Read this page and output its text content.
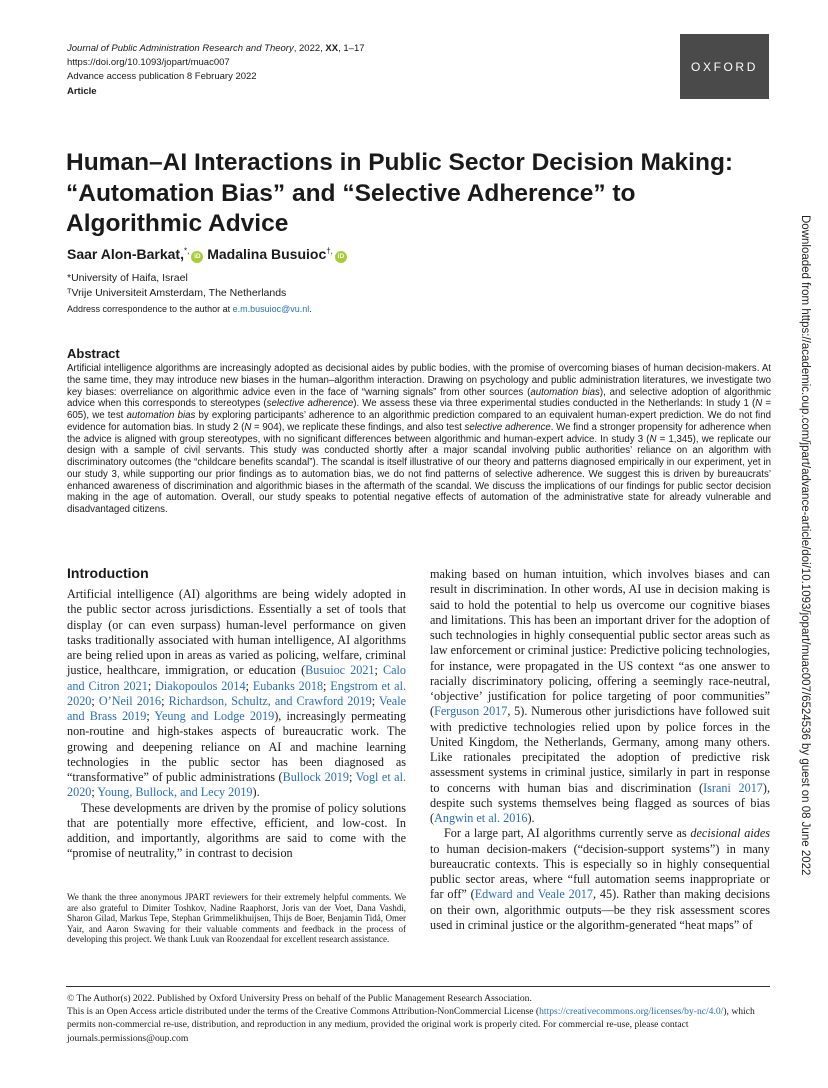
Journal of Public Administration Research and Theory, 2022, XX, 1–17
https://doi.org/10.1093/jopart/muac007
Advance access publication 8 February 2022
Article
OXFORD
Human–AI Interactions in Public Sector Decision Making: “Automation Bias” and “Selective Adherence” to Algorithmic Advice
Saar Alon-Barkat,*,iD Madalina Busuioc†,iD
*University of Haifa, Israel
ᵀVrije Universiteit Amsterdam, The Netherlands
Address correspondence to the author at e.m.busuioc@vu.nl.
Abstract
Artificial intelligence algorithms are increasingly adopted as decisional aides by public bodies, with the promise of overcoming biases of human decision-makers. At the same time, they may introduce new biases in the human–algorithm interaction. Drawing on psychology and public administration literatures, we investigate two key biases: overreliance on algorithmic advice even in the face of “warning signals” from other sources (automation bias), and selective adoption of algorithmic advice when this corresponds to stereotypes (selective adherence). We assess these via three experimental studies conducted in the Netherlands: In study 1 (N = 605), we test automation bias by exploring participants’ adherence to an algorithmic prediction compared to an equivalent human-expert prediction. We do not find evidence for automation bias. In study 2 (N = 904), we replicate these findings, and also test selective adherence. We find a stronger propensity for adherence when the advice is aligned with group stereotypes, with no significant differences between algorithmic and human-expert advice. In study 3 (N = 1,345), we replicate our design with a sample of civil servants. This study was conducted shortly after a major scandal involving public authorities’ reliance on an algorithm with discriminatory outcomes (the “childcare benefits scandal”). The scandal is itself illustrative of our theory and patterns diagnosed empirically in our experiment, yet in our study 3, while supporting our prior findings as to automation bias, we do not find patterns of selective adherence. We suggest this is driven by bureaucrats’ enhanced awareness of discrimination and algorithmic biases in the aftermath of the scandal. We discuss the implications of our findings for public sector decision making in the age of automation. Overall, our study speaks to potential negative effects of automation of the administrative state for already vulnerable and disadvantaged citizens.
Introduction

Artificial intelligence (AI) algorithms are being widely adopted in the public sector across jurisdictions. Essentially a set of tools that display (or can even surpass) human-level performance on given tasks traditionally associated with human intelligence, AI algorithms are being relied upon in areas as varied as policing, welfare, criminal justice, healthcare, immigration, or education (Busuioc 2021; Calo and Citron 2021; Diakopoulos 2014; Eubanks 2018; Engstrom et al. 2020; O’Neil 2016; Richardson, Schultz, and Crawford 2019; Veale and Brass 2019; Yeung and Lodge 2019), increasingly permeating non-routine and high-stakes aspects of bureaucratic work. The growing and deepening reliance on AI and machine learning technologies in the public sector has been diagnosed as “transformative” of public administrations (Bullock 2019; Vogl et al. 2020; Young, Bullock, and Lecy 2019).

These developments are driven by the promise of policy solutions that are potentially more effective, efficient, and low-cost. In addition, and importantly, algorithms are said to come with the “promise of neutrality,” in contrast to decision

We thank the three anonymous JPART reviewers for their extremely helpful comments. We are also grateful to Dimiter Toshkov, Nadine Raaphorst, Joris van der Voet, Dana Vashdi, Sharon Gilad, Markus Tepe, Stephan Grimmelikhuijsen, Thijs de Boer, Benjamin Tidå, Omer Yair, and Aaron Swaving for their valuable comments and feedback in the process of developing this project. We thank Luuk van Roozendaal for excellent research assistance.

making based on human intuition, which involves biases and can result in discrimination. In other words, AI use in decision making is said to hold the potential to help us overcome our cognitive biases and limitations. This has been an important driver for the adoption of such technologies in highly consequential public sector areas such as law enforcement or criminal justice: Predictive policing technologies, for instance, were propagated in the US context “as one answer to racially discriminatory policing, offering a seemingly race-neutral, ‘objective’ justification for police targeting of poor communities” (Ferguson 2017, 5). Numerous other jurisdictions have followed suit with predictive technologies relied upon by police forces in the United Kingdom, the Netherlands, Germany, among many others. Like rationales precipitated the adoption of predictive risk assessment systems in criminal justice, similarly in part in response to concerns with human bias and discrimination (Israni 2017), despite such systems themselves being flagged as sources of bias (Angwin et al. 2016).

For a large part, AI algorithms currently serve as decisional aides to human decision-makers (“decision-support systems”) in many bureaucratic contexts. This is especially so in highly consequential public sector areas, where “full automation seems inappropriate or far off” (Edward and Veale 2017, 45). Rather than making decisions on their own, algorithmic outputs—be they risk assessment scores used in criminal justice or the algorithm-generated “heat maps” of

© The Author(s) 2022. Published by Oxford University Press on behalf of the Public Management Research Association.
This is an Open Access article distributed under the terms of the Creative Commons Attribution-NonCommercial License (https://creativecommons.org/licenses/by-nc/4.0/), which permits non-commercial re-use, distribution, and reproduction in any medium, provided the original work is properly cited. For commercial re-use, please contact journals.permissions@oup.com
Downloaded from https://academic.oup.com/jpart/advance-article/doi/10.1093/jopart/muac007/6524536 by guest on 08 June 2022
